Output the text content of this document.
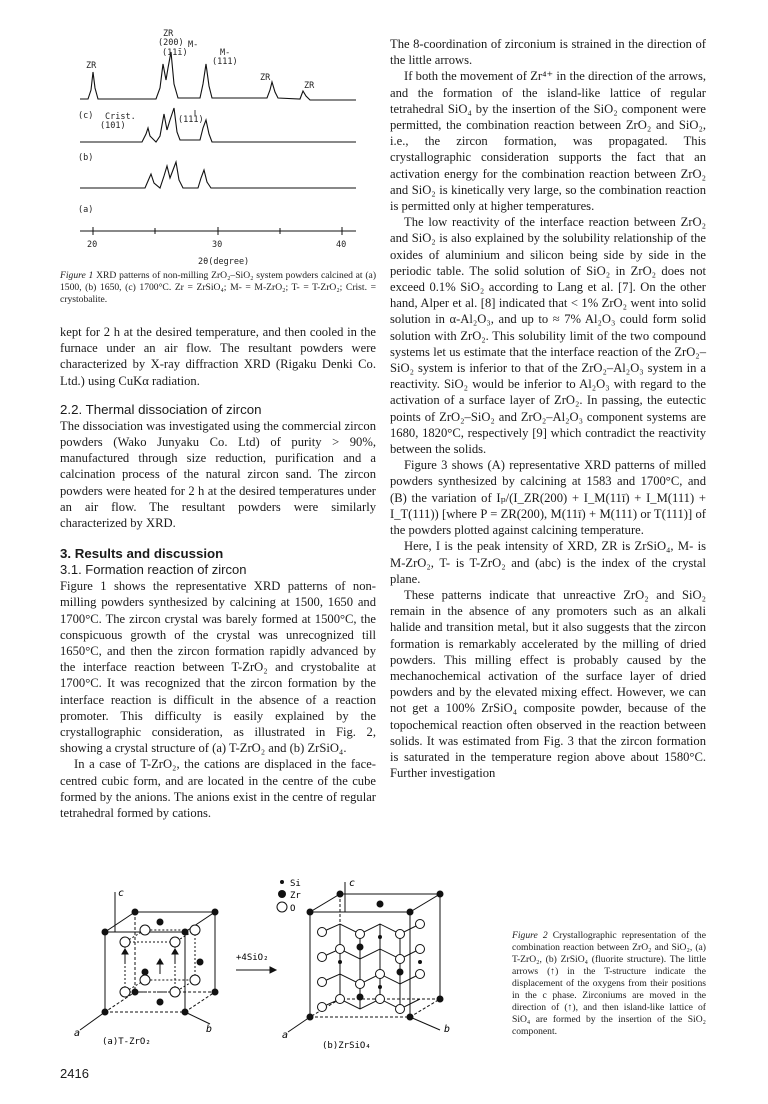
ZR
(200) M-
(11ī)	M-
(111)
ZR
ZR
ZR
(c) Crist.
(101)
(111)
(b)
(a)
20	30	40
2θ(degree)
Figure 1 XRD patterns of non-milling ZrO₂–SiO₂ system powders calcined at (a) 1500, (b) 1650, (c) 1700°C. Zr = ZrSiO₄; M- = M-ZrO₂; T- = T-ZrO₂; Crist. = crystobalite.

kept for 2 h at the desired temperature, and then cooled in the furnace under an air flow. The resultant powders were characterized by X-ray diffraction XRD (Rigaku Denki Co. Ltd.) using CuKα radiation.

2.2. Thermal dissociation of zircon

The dissociation was investigated using the commercial zircon powders (Wako Junyaku Co. Ltd) of purity > 90%, manufactured through size reduction, purification and a calcination process of the natural zircon sand. The zircon powders were heated for 2 h at the desired temperatures under an air flow. The resultant powders were similarly characterized by XRD.

3. Results and discussion

3.1. Formation reaction of zircon

Figure 1 shows the representative XRD patterns of non-milling powders synthesized by calcining at 1500, 1650 and 1700°C. The zircon crystal was barely formed at 1500°C, the conspicuous growth of the crystal was unrecognized till 1650°C, and then the zircon formation rapidly advanced by the interface reaction between T-ZrO₂ and crystobalite at 1700°C. It was recognized that the zircon formation by the interface reaction is difficult in the absence of a reaction promoter. This difficulty is easily explained by the crystallographic consideration, as illustrated in Fig. 2, showing a crystal structure of (a) T-ZrO₂ and (b) ZrSiO₄.

In a case of T-ZrO₂, the cations are displaced in the face-centred cubic form, and are located in the centre of the cube formed by the anions. The anions exist in the centre of regular tetrahedral formed by cations.

The 8-coordination of zirconium is strained in the direction of the little arrows.

If both the movement of Zr⁴⁺ in the direction of the arrows, and the formation of the island-like lattice of regular tetrahedral SiO₄ by the insertion of the SiO₂ component were permitted, the combination reaction between ZrO₂ and SiO₂, i.e., the zircon formation, was propagated. This crystallographic consideration supports the fact that an activation energy for the combination reaction between ZrO₂ and SiO₂ is kinetically very large, so the combination reaction is permitted only at higher temperatures.

The low reactivity of the interface reaction between ZrO₂ and SiO₂ is also explained by the solubility relationship of the oxides of aluminium and silicon being side by side in the periodic table. The solid solution of SiO₂ in ZrO₂ does not exceed 0.1% SiO₂ according to Lang et al. [7]. On the other hand, Alper et al. [8] indicated that < 1% ZrO₂ went into solid solution in α-Al₂O₃, and up to ≈ 7% Al₂O₃ could form solid solution with ZrO₂. This solubility limit of the two compound systems let us estimate that the interface reaction of the ZrO₂–SiO₂ system is inferior to that of the ZrO₂–Al₂O₃ system in a reactivity. SiO₂ would be inferior to Al₂O₃ with regard to the activation of a surface layer of ZrO₂. In passing, the eutectic points of ZrO₂–SiO₂ and ZrO₂–Al₂O₃ component systems are 1680, 1820°C, respectively [9] which contradict the reactivity between the solids.

Figure 3 shows (A) representative XRD patterns of milled powders synthesized by calcining at 1583 and 1700°C, and (B) the variation of Iₚ/(I_ZR(200) + I_M(11ī) + I_M(111) + I_T(111)) [where P = ZR(200), M(11ī) + M(111) or T(111)] of the powders plotted against calcining temperature.

Here, I is the peak intensity of XRD, ZR is ZrSiO₄, M- is M-ZrO₂, T- is T-ZrO₂ and (abc) is the index of the crystal plane.

These patterns indicate that unreactive ZrO₂ and SiO₂ remain in the absence of any promoters such as an alkali halide and transition metal, but it also suggests that the zircon formation is remarkably accelerated by the milling of dried powders. This milling effect is probably caused by the mechanochemical activation of the surface layer of dried powders and by the elevated mixing effect. However, we can not get a 100% ZrSiO₄ composite powder, because of the topochemical reaction often observed in the reaction between solids. It was estimated from Fig. 3 that the zircon formation is saturated in the temperature region above about 1580°C. Further investigation

Si
Zr
O
c
a	b
(a)T-ZrO₂
+4SiO₂
c
a
b
(b)ZrSiO₄
Figure 2 Crystallographic representation of the combination reaction between ZrO₂ and SiO₂, (a) T-ZrO₂, (b) ZrSiO₄ (fluorite structure). The little arrows (↑) in the T-structure indicate the displacement of the oxygens from their positions in the c phase. Zirconiums are moved in the direction of (↑), and then island-like lattice of SiO₄ are formed by the insertion of the SiO₂ component.
2416
